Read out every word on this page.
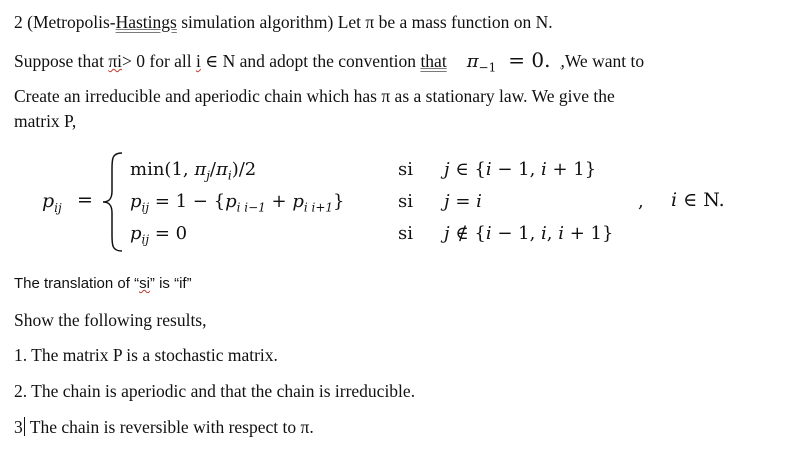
2 (Metropolis-Hastings simulation algorithm) Let π be a mass function on N.
Suppose that πi> 0 for all i ∈ N and adopt the convention that $\pi_{-1} = 0$. ,We want to
Create an irreducible and aperiodic chain which has π as a stationary law. We give the
matrix P,
$p_{ij}$ =
min(1, $\pi_j/\pi_i)/2$	si j ∈ {i − 1, i + 1}
$p_{ij} = 1 - \{p_{i i-1} + p_{i i+1}\}$	si j = i
$p_{ij} = 0$	si j ∉ {i − 1, i, i + 1}
, i ∈ N.
The translation of “si” is “if”
Show the following results,
1. The matrix P is a stochastic matrix.
2. The chain is aperiodic and that the chain is irreducible.
3 The chain is reversible with respect to π.
